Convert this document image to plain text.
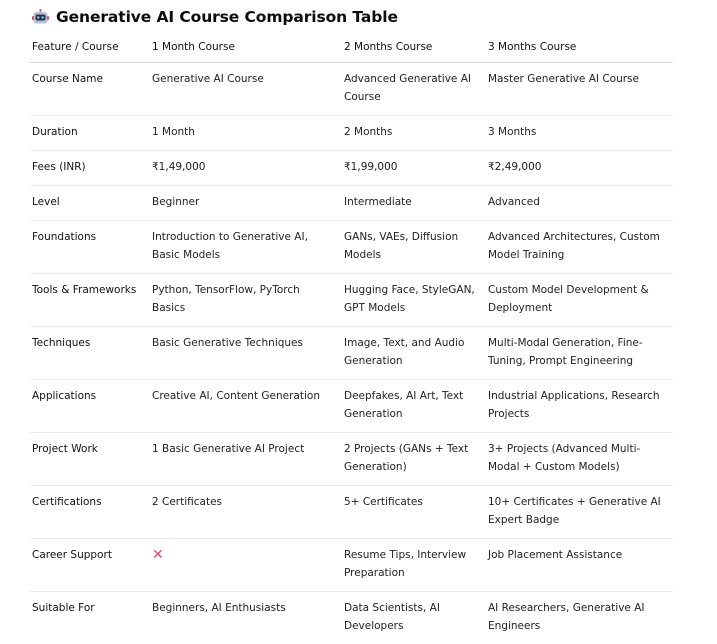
Generative AI Course Comparison Table
Feature / Course	1 Month Course	2 Months Course	3 Months Course
Course Name	Generative AI Course	Advanced Generative AI Course	Master Generative AI Course
Duration	1 Month	2 Months	3 Months
Fees (INR)	₹1,49,000	₹1,99,000	₹2,49,000
Level	Beginner	Intermediate	Advanced
Foundations	Introduction to Generative AI, Basic Models	GANs, VAEs, Diffusion Models	Advanced Architectures, Custom Model Training
Tools & Frameworks	Python, TensorFlow, PyTorch Basics	Hugging Face, StyleGAN, GPT Models	Custom Model Development & Deployment
Techniques	Basic Generative Techniques	Image, Text, and Audio Generation	Multi-Modal Generation, Fine-Tuning, Prompt Engineering
Applications	Creative AI, Content Generation	Deepfakes, AI Art, Text Generation	Industrial Applications, Research Projects
Project Work	1 Basic Generative AI Project	2 Projects (GANs + Text Generation)	3+ Projects (Advanced Multi-Modal + Custom Models)
Certifications	2 Certificates	5+ Certificates	10+ Certificates + Generative AI Expert Badge
Career Support	✕	Resume Tips, Interview Preparation	Job Placement Assistance
Suitable For	Beginners, AI Enthusiasts	Data Scientists, AI Developers	AI Researchers, Generative AI Engineers
